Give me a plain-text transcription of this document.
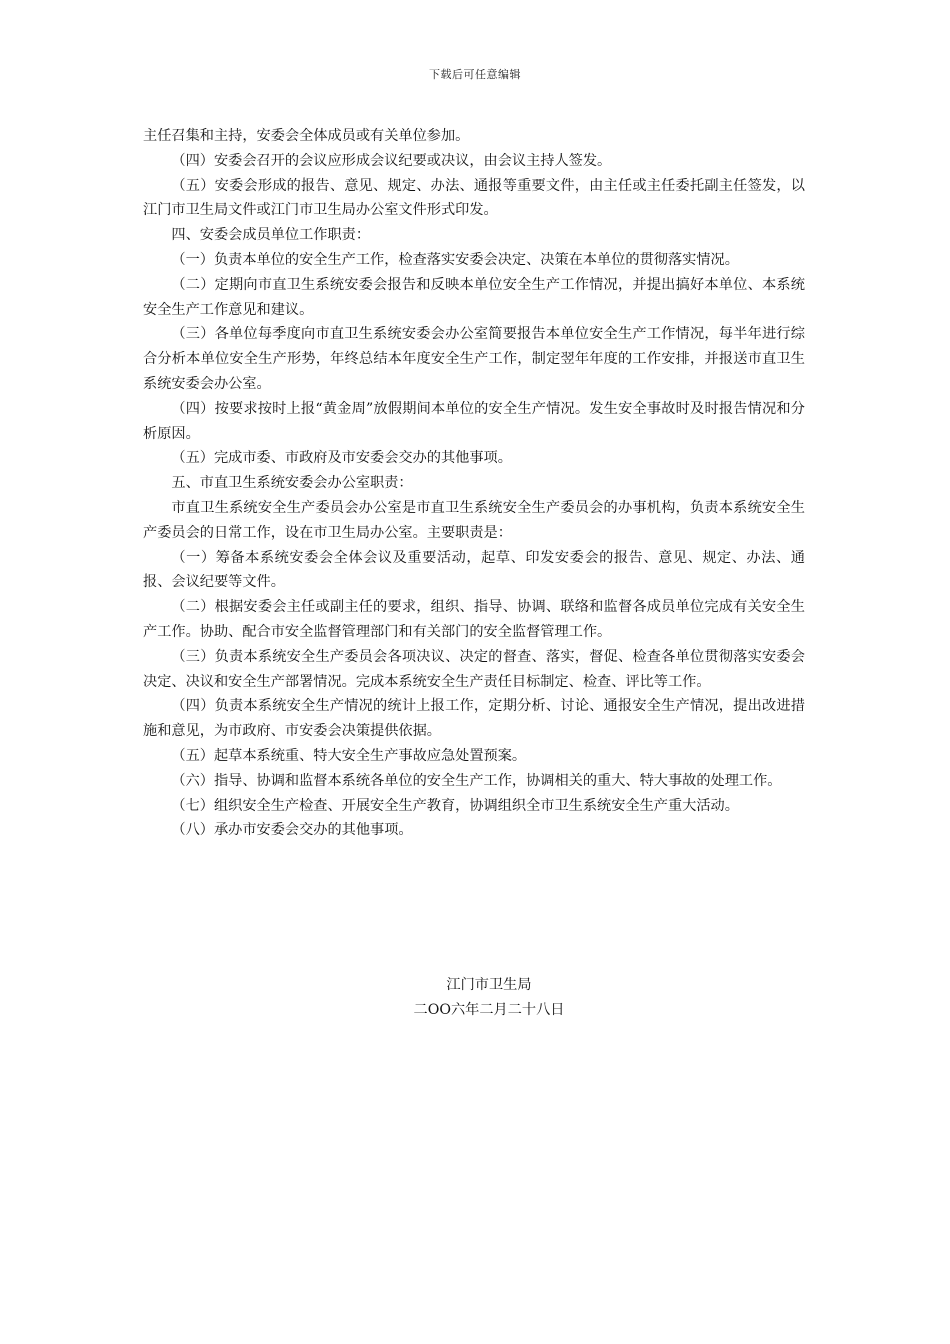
下载后可任意编辑

主任召集和主持，安委会全体成员或有关单位参加。

（四）安委会召开的会议应形成会议纪要或决议，由会议主持人签发。

（五）安委会形成的报告、意见、规定、办法、通报等重要文件，由主任或主任委托副主任签发，以江门市卫生局文件或江门市卫生局办公室文件形式印发。

四、安委会成员单位工作职责：

（一）负责本单位的安全生产工作，检查落实安委会决定、决策在本单位的贯彻落实情况。

（二）定期向市直卫生系统安委会报告和反映本单位安全生产工作情况，并提出搞好本单位、本系统安全生产工作意见和建议。

（三）各单位每季度向市直卫生系统安委会办公室简要报告本单位安全生产工作情况，每半年进行综合分析本单位安全生产形势，年终总结本年度安全生产工作，制定翌年年度的工作安排，并报送市直卫生系统安委会办公室。

（四）按要求按时上报“黄金周”放假期间本单位的安全生产情况。发生安全事故时及时报告情况和分析原因。

（五）完成市委、市政府及市安委会交办的其他事项。

五、市直卫生系统安委会办公室职责：

市直卫生系统安全生产委员会办公室是市直卫生系统安全生产委员会的办事机构，负责本系统安全生产委员会的日常工作，设在市卫生局办公室。主要职责是：

（一）筹备本系统安委会全体会议及重要活动，起草、印发安委会的报告、意见、规定、办法、通报、会议纪要等文件。

（二）根据安委会主任或副主任的要求，组织、指导、协调、联络和监督各成员单位完成有关安全生产工作。协助、配合市安全监督管理部门和有关部门的安全监督管理工作。

（三）负责本系统安全生产委员会各项决议、决定的督查、落实，督促、检查各单位贯彻落实安委会决定、决议和安全生产部署情况。完成本系统安全生产责任目标制定、检查、评比等工作。

（四）负责本系统安全生产情况的统计上报工作，定期分析、讨论、通报安全生产情况，提出改进措施和意见，为市政府、市安委会决策提供依据。

（五）起草本系统重、特大安全生产事故应急处置预案。

（六）指导、协调和监督本系统各单位的安全生产工作，协调相关的重大、特大事故的处理工作。

（七）组织安全生产检查、开展安全生产教育，协调组织全市卫生系统安全生产重大活动。

（八）承办市安委会交办的其他事项。

江门市卫生局
二OO六年二月二十八日
